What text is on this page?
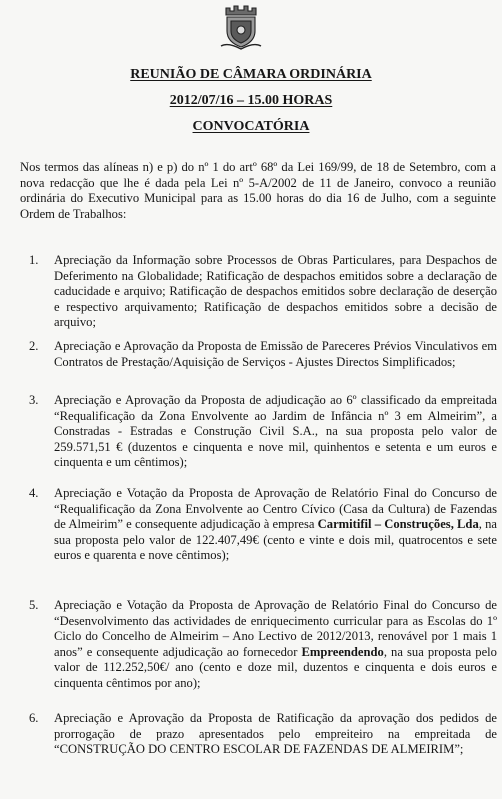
REUNIÃO DE CÂMARA ORDINÁRIA
2012/07/16 – 15.00 HORAS
CONVOCATÓRIA

Nos termos das alíneas n) e p) do nº 1 do artº 68º da Lei 169/99, de 18 de Setembro, com a nova redacção que lhe é dada pela Lei nº 5-A/2002 de 11 de Janeiro, convoco a reunião ordinária do Executivo Municipal para as 15.00 horas do dia 16 de Julho, com a seguinte Ordem de Trabalhos:

1. Apreciação da Informação sobre Processos de Obras Particulares, para Despachos de Deferimento na Globalidade; Ratificação de despachos emitidos sobre a declaração de caducidade e arquivo; Ratificação de despachos emitidos sobre declaração de deserção e respectivo arquivamento; Ratificação de despachos emitidos sobre a decisão de arquivo;
2. Apreciação e Aprovação da Proposta de Emissão de Pareceres Prévios Vinculativos em Contratos de Prestação/Aquisição de Serviços - Ajustes Directos Simplificados;
3. Apreciação e Aprovação da Proposta de adjudicação ao 6º classificado da empreitada “Requalificação da Zona Envolvente ao Jardim de Infância nº 3 em Almeirim”, a Constradas - Estradas e Construção Civil S.A., na sua proposta pelo valor de 259.571,51 € (duzentos e cinquenta e nove mil, quinhentos e setenta e um euros e cinquenta e um cêntimos);
4. Apreciação e Votação da Proposta de Aprovação de Relatório Final do Concurso de “Requalificação da Zona Envolvente ao Centro Cívico (Casa da Cultura) de Fazendas de Almeirim” e consequente adjudicação à empresa Carmitifil – Construções, Lda, na sua proposta pelo valor de 122.407,49€ (cento e vinte e dois mil, quatrocentos e sete euros e quarenta e nove cêntimos);
5. Apreciação e Votação da Proposta de Aprovação de Relatório Final do Concurso de “Desenvolvimento das actividades de enriquecimento curricular para as Escolas do 1º Ciclo do Concelho de Almeirim – Ano Lectivo de 2012/2013, renovável por 1 mais 1 anos” e consequente adjudicação ao fornecedor Empreendendo, na sua proposta pelo valor de 112.252,50€/ ano (cento e doze mil, duzentos e cinquenta e dois euros e cinquenta cêntimos por ano);
6. Apreciação e Aprovação da Proposta de Ratificação da aprovação dos pedidos de prorrogação de prazo apresentados pelo empreiteiro na empreitada de “CONSTRUÇÃO DO CENTRO ESCOLAR DE FAZENDAS DE ALMEIRIM”;
